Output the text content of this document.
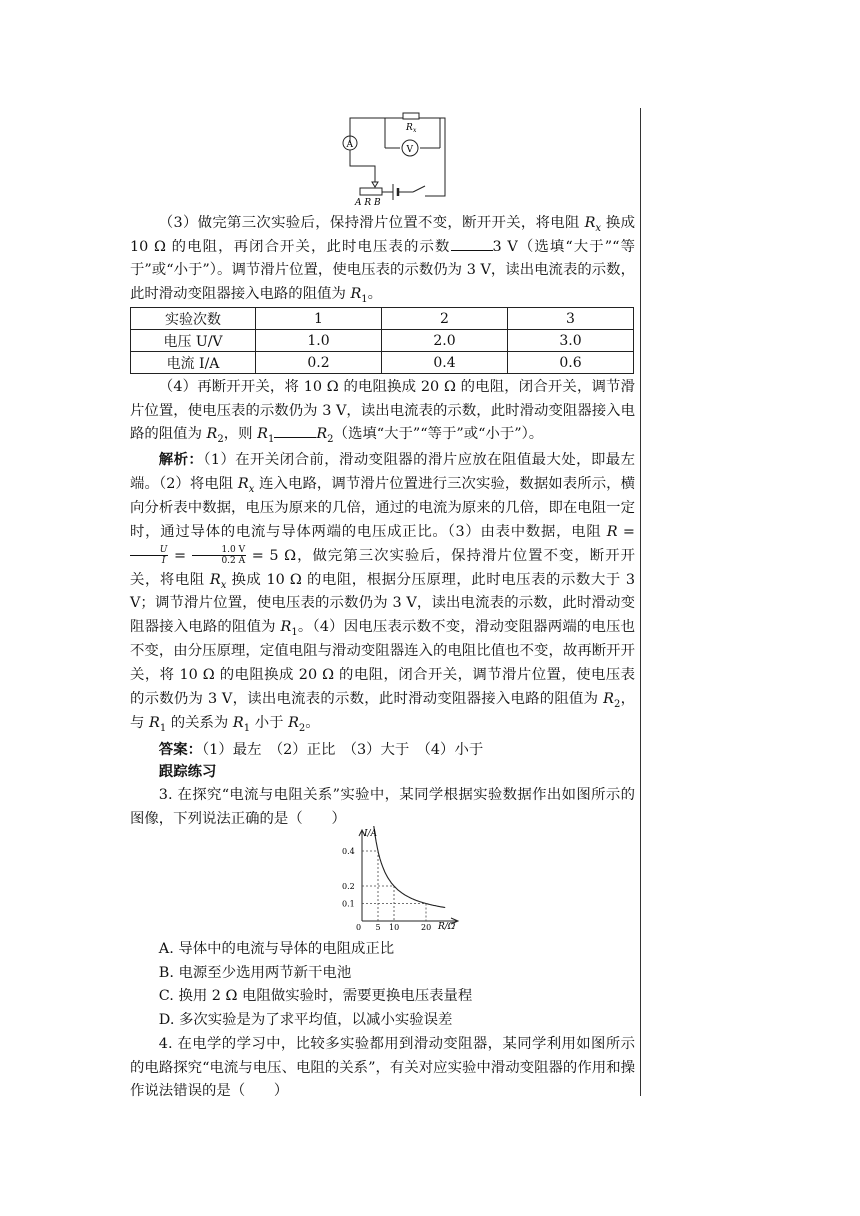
A	V
R x
A R B
（3）做完第三次实验后，保持滑片位置不变，断开开关，将电阻 $R_x$ 换成 10 Ω 的电阻，再闭合开关，此时电压表的示数	3 V（选填“大于”“等于”或“小于”）。调节滑片位置，使电压表的示数仍为 3 V，读出电流表的示数，此时滑动变阻器接入电路的阻值为 $R_1$。
实验次数	1	2	3
电压 U/V	1.0	2.0	3.0
电流 I/A	0.2	0.4	0.6
（4）再断开开关，将 10 Ω 的电阻换成 20 Ω 的电阻，闭合开关，调节滑片位置，使电压表的示数仍为 3 V，读出电流表的示数，此时滑动变阻器接入电路的阻值为 $R_2$，则 $R_1$	$R_2$（选填“大于”“等于”或“小于”）。
解析：（1）在开关闭合前，滑动变阻器的滑片应放在阻值最大处，即最左端。（2）将电阻 $R_x$ 连入电路，调节滑片位置进行三次实验，数据如表所示，横向分析表中数据，电压为原来的几倍，通过的电流为原来的几倍，即在电阻一定时，通过导体的电流与导体两端的电压成正比。（3）由表中数据，电阻 R =
$\frac{U}{I} = \frac{1.0 V}{0.2 A} = 5$ Ω，做完第三次实验后，保持滑片位置不变，断开开关，将电阻 $R_x$ 换成 10 Ω 的电阻，根据分压原理，此时电压表的示数大于 3 V；调节滑片位置，使电压表的示数仍为 3 V，读出电流表的示数，此时滑动变阻器接入电路的阻值为 $R_1$。（4）因电压表示数不变，滑动变阻器两端的电压也不变，由分压原理，定值电阻与滑动变阻器连入的电阻比值也不变，故再断开开关，将 10 Ω 的电阻换成 20 Ω 的电阻，闭合开关，调节滑片位置，使电压表的示数仍为 3 V，读出电流表的示数，此时滑动变阻器接入电路的阻值为 $R_2$，与 $R_1$ 的关系为 $R_1$ 小于 $R_2$。
答案：（1）最左　（2）正比　（3）大于　（4）小于
跟踪练习
3. 在探究“电流与电阻关系”实验中，某同学根据实验数据作出如图所示的图像，下列说法正确的是（　　）
I/A
R/Ω
0
0.4
0.2
0.1
5 10	20
A. 导体中的电流与导体的电阻成正比
B. 电源至少选用两节新干电池
C. 换用 2 Ω 电阻做实验时，需要更换电压表量程
D. 多次实验是为了求平均值，以减小实验误差
4. 在电学的学习中，比较多实验都用到滑动变阻器，某同学利用如图所示的电路探究“电流与电压、电阻的关系”，有关对应实验中滑动变阻器的作用和操作说法错误的是（　　）
